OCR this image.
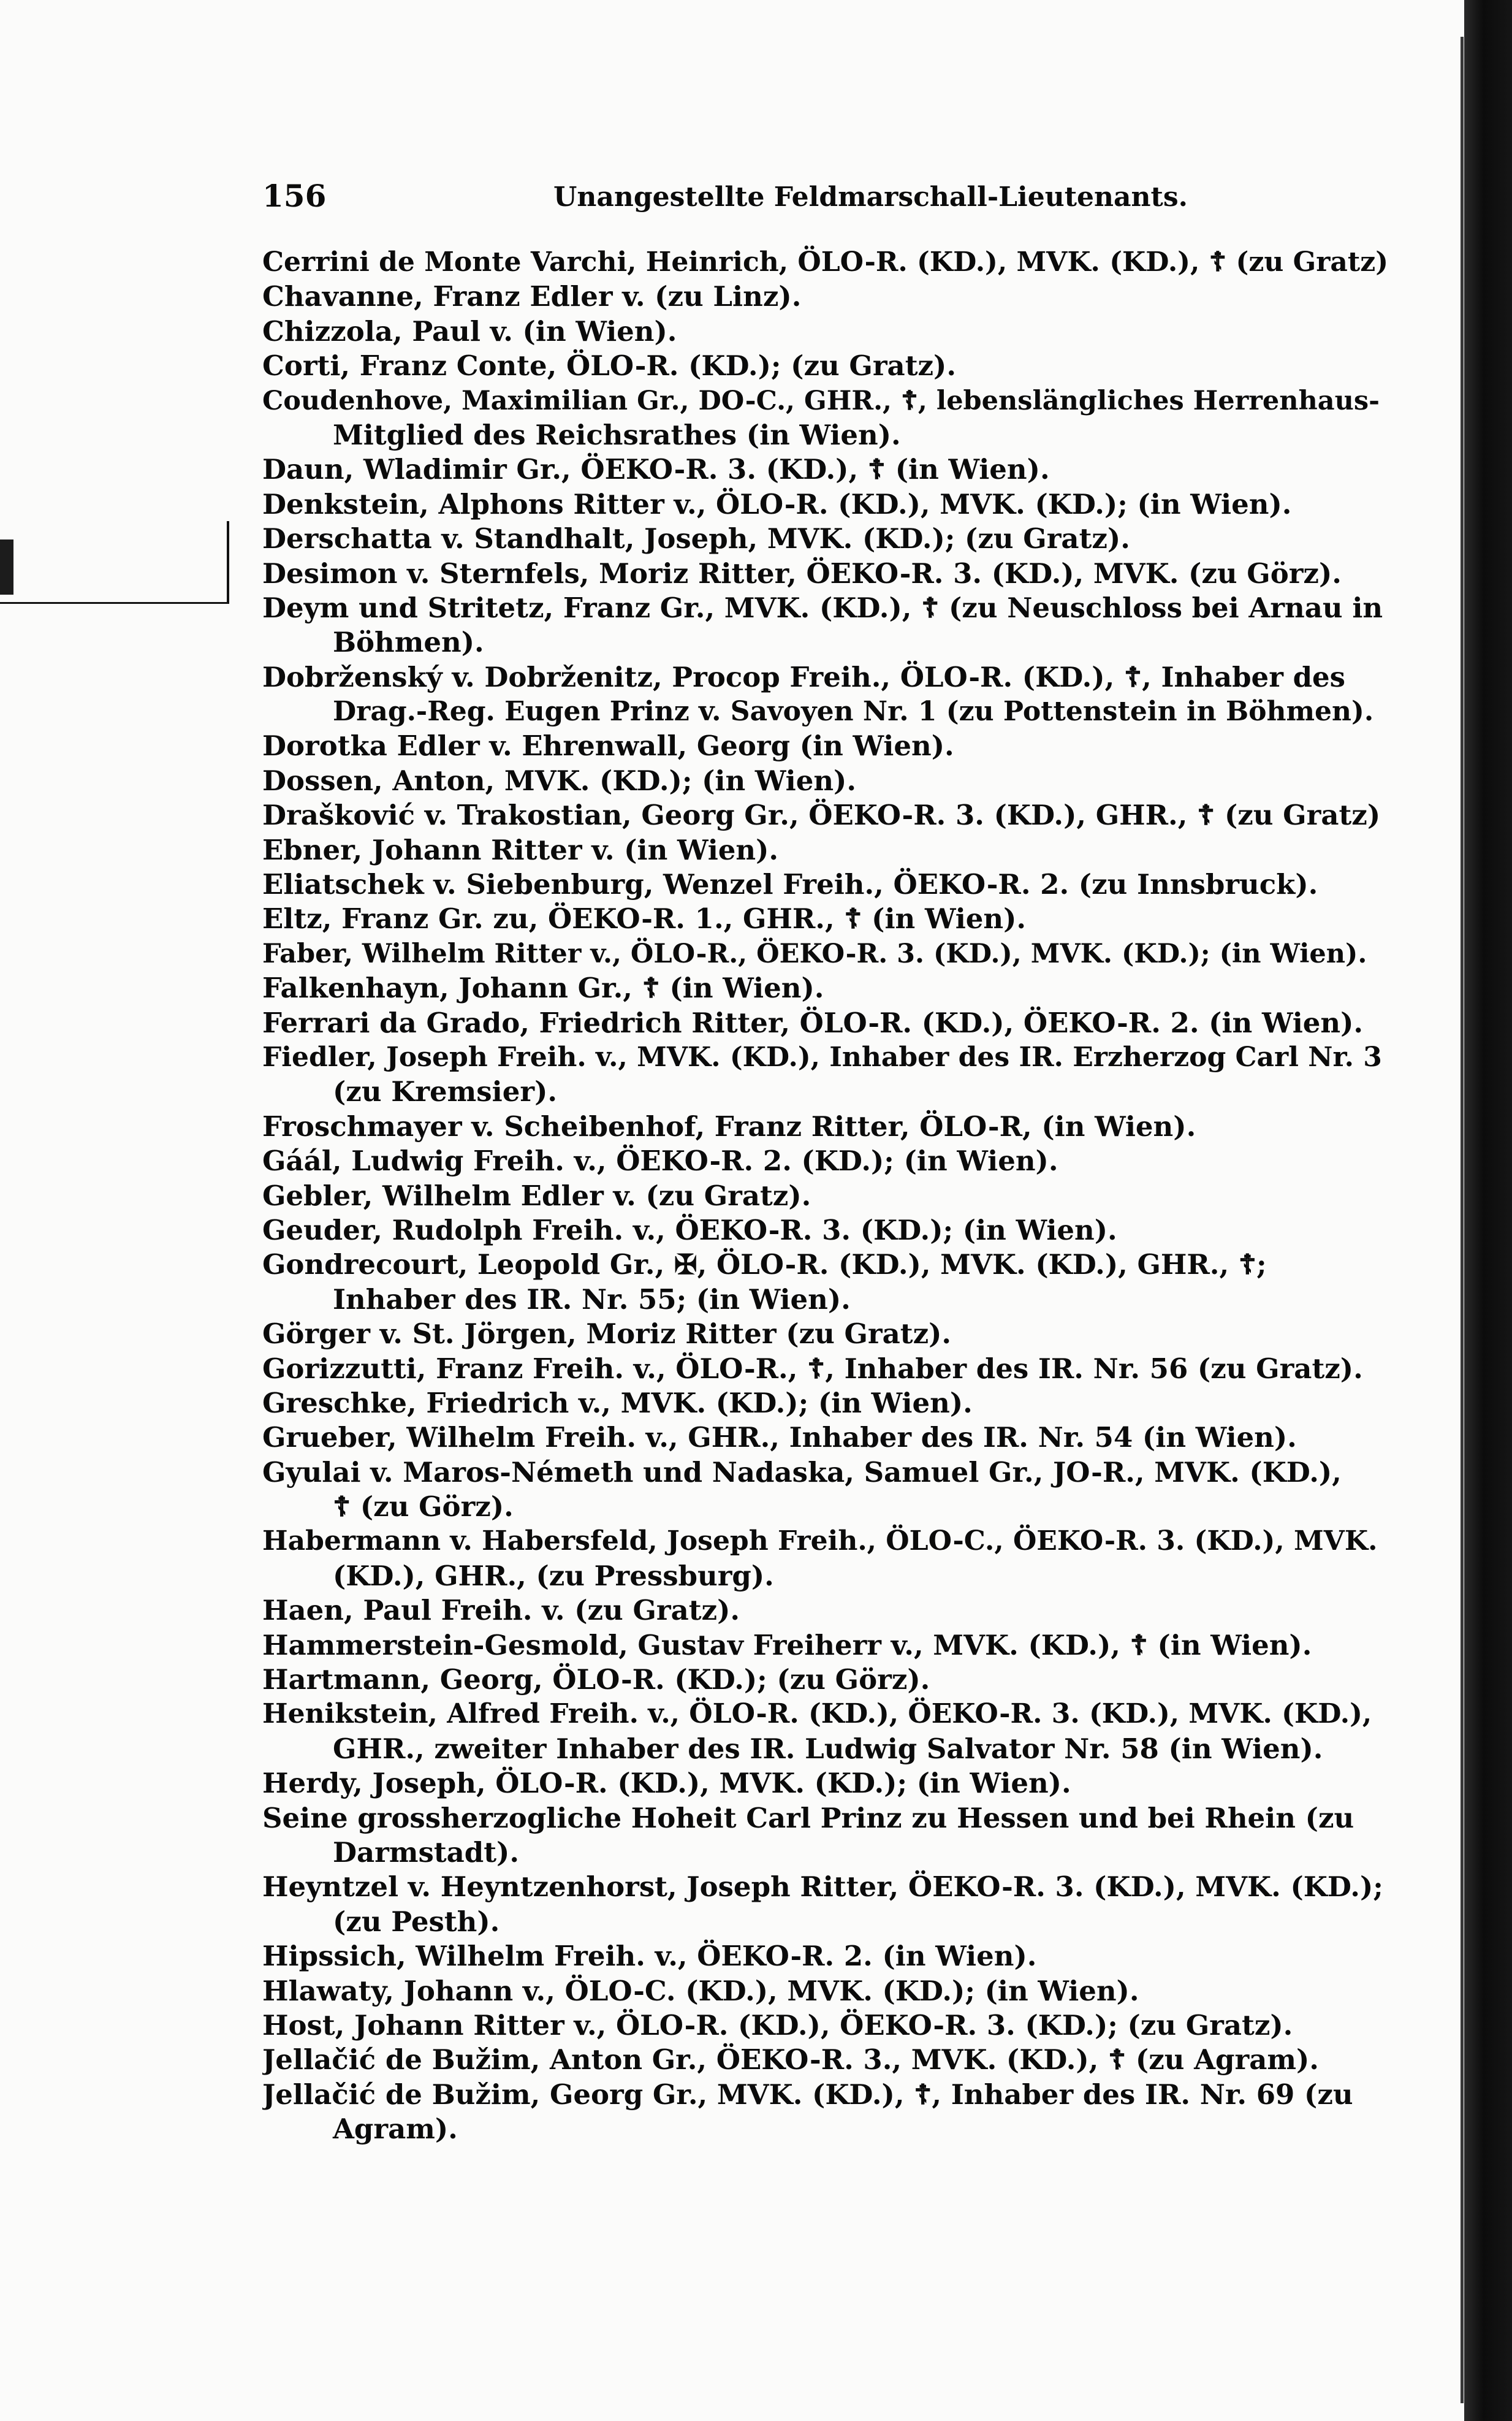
156	Unangestellte Feldmarschall-Lieutenants.
Cerrini de Monte Varchi, Heinrich, ÖLO-R. (KD.), MVK. (KD.), ☦ (zu Gratz)
Chavanne, Franz Edler v. (zu Linz).
Chizzola, Paul v. (in Wien).
Corti, Franz Conte, ÖLO-R. (KD.); (zu Gratz).
Coudenhove, Maximilian Gr., DO-C., GHR., ☦, lebenslängliches Herrenhaus-
Mitglied des Reichsrathes (in Wien).
Daun, Wladimir Gr., ÖEKO-R. 3. (KD.), ☦ (in Wien).
Denkstein, Alphons Ritter v., ÖLO-R. (KD.), MVK. (KD.); (in Wien).
Derschatta v. Standhalt, Joseph, MVK. (KD.); (zu Gratz).
Desimon v. Sternfels, Moriz Ritter, ÖEKO-R. 3. (KD.), MVK. (zu Görz).
Deym und Stritetz, Franz Gr., MVK. (KD.), ☦ (zu Neuschloss bei Arnau in
Böhmen).
Dobrženský v. Dobrženitz, Procop Freih., ÖLO-R. (KD.), ☦, Inhaber des
Drag.-Reg. Eugen Prinz v. Savoyen Nr. 1 (zu Pottenstein in Böhmen).
Dorotka Edler v. Ehrenwall, Georg (in Wien).
Dossen, Anton, MVK. (KD.); (in Wien).
Drašković v. Trakostian, Georg Gr., ÖEKO-R. 3. (KD.), GHR., ☦ (zu Gratz)
Ebner, Johann Ritter v. (in Wien).
Eliatschek v. Siebenburg, Wenzel Freih., ÖEKO-R. 2. (zu Innsbruck).
Eltz, Franz Gr. zu, ÖEKO-R. 1., GHR., ☦ (in Wien).
Faber, Wilhelm Ritter v., ÖLO-R., ÖEKO-R. 3. (KD.), MVK. (KD.); (in Wien).
Falkenhayn, Johann Gr., ☦ (in Wien).
Ferrari da Grado, Friedrich Ritter, ÖLO-R. (KD.), ÖEKO-R. 2. (in Wien).
Fiedler, Joseph Freih. v., MVK. (KD.), Inhaber des IR. Erzherzog Carl Nr. 3
(zu Kremsier).
Froschmayer v. Scheibenhof, Franz Ritter, ÖLO-R, (in Wien).
Gáál, Ludwig Freih. v., ÖEKO-R. 2. (KD.); (in Wien).
Gebler, Wilhelm Edler v. (zu Gratz).
Geuder, Rudolph Freih. v., ÖEKO-R. 3. (KD.); (in Wien).
Gondrecourt, Leopold Gr., ✠, ÖLO-R. (KD.), MVK. (KD.), GHR., ☦;
Inhaber des IR. Nr. 55; (in Wien).
Görger v. St. Jörgen, Moriz Ritter (zu Gratz).
Gorizzutti, Franz Freih. v., ÖLO-R., ☦, Inhaber des IR. Nr. 56 (zu Gratz).
Greschke, Friedrich v., MVK. (KD.); (in Wien).
Grueber, Wilhelm Freih. v., GHR., Inhaber des IR. Nr. 54 (in Wien).
Gyulai v. Maros-Németh und Nadaska, Samuel Gr., JO-R., MVK. (KD.),
☦ (zu Görz).
Habermann v. Habersfeld, Joseph Freih., ÖLO-C., ÖEKO-R. 3. (KD.), MVK.
(KD.), GHR., (zu Pressburg).
Haen, Paul Freih. v. (zu Gratz).
Hammerstein-Gesmold, Gustav Freiherr v., MVK. (KD.), ☦ (in Wien).
Hartmann, Georg, ÖLO-R. (KD.); (zu Görz).
Henikstein, Alfred Freih. v., ÖLO-R. (KD.), ÖEKO-R. 3. (KD.), MVK. (KD.),
GHR., zweiter Inhaber des IR. Ludwig Salvator Nr. 58 (in Wien).
Herdy, Joseph, ÖLO-R. (KD.), MVK. (KD.); (in Wien).
Seine grossherzogliche Hoheit Carl Prinz zu Hessen und bei Rhein (zu
Darmstadt).
Heyntzel v. Heyntzenhorst, Joseph Ritter, ÖEKO-R. 3. (KD.), MVK. (KD.);
(zu Pesth).
Hipssich, Wilhelm Freih. v., ÖEKO-R. 2. (in Wien).
Hlawaty, Johann v., ÖLO-C. (KD.), MVK. (KD.); (in Wien).
Host, Johann Ritter v., ÖLO-R. (KD.), ÖEKO-R. 3. (KD.); (zu Gratz).
Jellačić de Bužim, Anton Gr., ÖEKO-R. 3., MVK. (KD.), ☦ (zu Agram).
Jellačić de Bužim, Georg Gr., MVK. (KD.), ☦, Inhaber des IR. Nr. 69 (zu
Agram).
